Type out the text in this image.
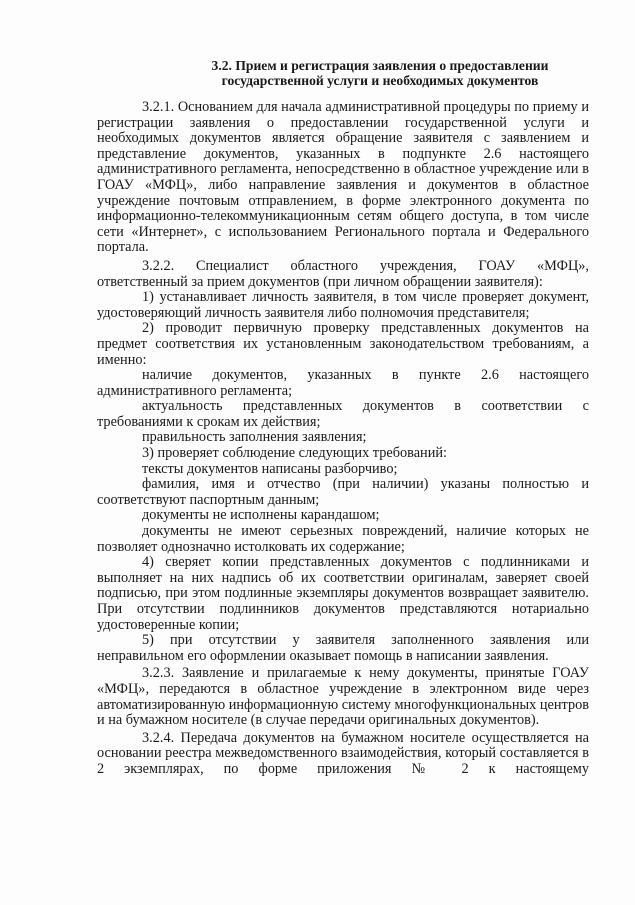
3.2. Прием и регистрация заявления о предоставлении
государственной услуги и необходимых документов

3.2.1. Основанием для начала административной процедуры по приему и регистрации заявления о предоставлении государственной услуги и необходимых документов является обращение заявителя с заявлением и представление документов, указанных в подпункте 2.6 настоящего административного регламента, непосредственно в областное учреждение или в ГОАУ «МФЦ», либо направление заявления и документов в областное учреждение почтовым отправлением, в форме электронного документа по информационно-телекоммуникационным сетям общего доступа, в том числе сети «Интернет», с использованием Регионального портала и Федерального портала.

3.2.2. Специалист областного учреждения, ГОАУ «МФЦ», ответственный за прием документов (при личном обращении заявителя):

1) устанавливает личность заявителя, в том числе проверяет документ, удостоверяющий личность заявителя либо полномочия представителя;

2) проводит первичную проверку представленных документов на предмет соответствия их установленным законодательством требованиям, а именно:

наличие документов, указанных в пункте 2.6 настоящего административного регламента;

актуальность представленных документов в соответствии с требованиями к срокам их действия;

правильность заполнения заявления;

3) проверяет соблюдение следующих требований:

тексты документов написаны разборчиво;

фамилия, имя и отчество (при наличии) указаны полностью и соответствуют паспортным данным;

документы не исполнены карандашом;

документы не имеют серьезных повреждений, наличие которых не позволяет однозначно истолковать их содержание;

4) сверяет копии представленных документов с подлинниками и выполняет на них надпись об их соответствии оригиналам, заверяет своей подписью, при этом подлинные экземпляры документов возвращает заявителю. При отсутствии подлинников документов представляются нотариально удостоверенные копии;

5) при отсутствии у заявителя заполненного заявления или неправильном его оформлении оказывает помощь в написании заявления.

3.2.3. Заявление и прилагаемые к нему документы, принятые ГОАУ «МФЦ», передаются в областное учреждение в электронном виде через автоматизированную информационную систему многофункциональных центров и на бумажном носителе (в случае передачи оригинальных документов).

3.2.4. Передача документов на бумажном носителе осуществляется на основании реестра межведомственного взаимодействия, который составляется в 2 экземплярах, по форме приложения № 2 к настоящему
